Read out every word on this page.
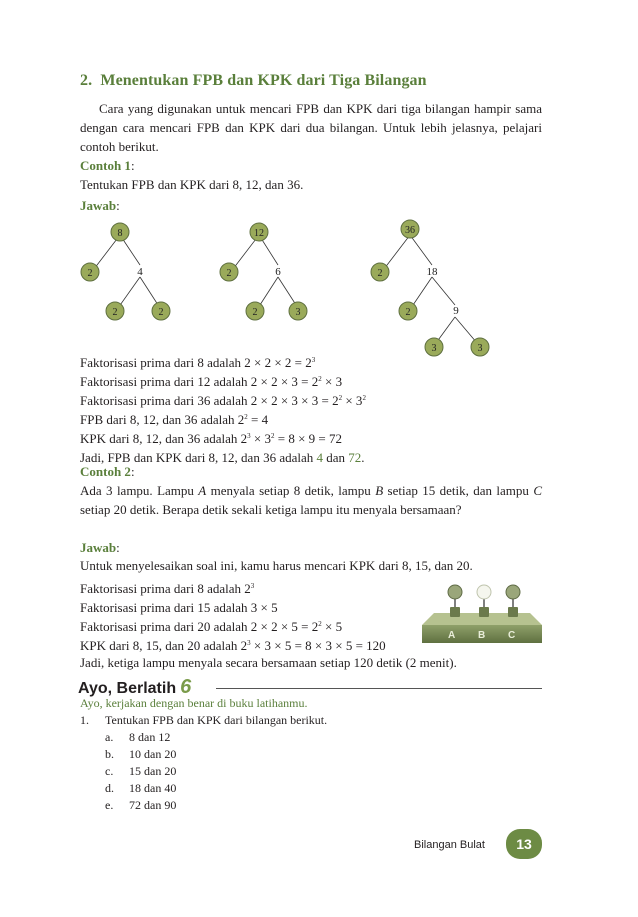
2. Menentukan FPB dan KPK dari Tiga Bilangan
Cara yang digunakan untuk mencari FPB dan KPK dari tiga bilangan hampir sama dengan cara mencari FPB dan KPK dari dua bilangan. Untuk lebih jelasnya, pelajari contoh berikut.
Contoh 1:
Tentukan FPB dan KPK dari 8, 12, dan 36.
Jawab:
8
2	4
2	2
12
2	6
2	3
36
2	18
2	9
3	3
Faktorisasi prima dari 8 adalah $2 \times 2 \times 2 = 2^3$
Faktorisasi prima dari 12 adalah $2 \times 2 \times 3 = 2^2 \times 3$
Faktorisasi prima dari 36 adalah $2 \times 2 \times 3 \times 3 = 2^2 \times 3^2$
FPB dari 8, 12, dan 36 adalah $2^2 = 4$
KPK dari 8, 12, dan 36 adalah $2^3 \times 3^2 = 8 \times 9 = 72$
Jadi, FPB dan KPK dari 8, 12, dan 36 adalah 4 dan 72.
Contoh 2:
Ada 3 lampu. Lampu A menyala setiap 8 detik, lampu B setiap 15 detik, dan lampu C setiap 20 detik. Berapa detik sekali ketiga lampu itu menyala bersamaan?
Jawab:
Untuk menyelesaikan soal ini, kamu harus mencari KPK dari 8, 15, dan 20.
Faktorisasi prima dari 8 adalah $2^3$
Faktorisasi prima dari 15 adalah 3 × 5
Faktorisasi prima dari 20 adalah $2 \times 2 \times 5 = 2^2 \times 5$
KPK dari 8, 15, dan 20 adalah $2^3 \times 3 \times 5 = 8 \times 3 \times 5 = 120$
A B C
Jadi, ketiga lampu menyala secara bersamaan setiap 120 detik (2 menit).
Ayo, Berlatih 6
Ayo, kerjakan dengan benar di buku latihanmu.
1.	Tentukan FPB dan KPK dari bilangan berikut.
a.	8 dan 12
b.	10 dan 20
c.	15 dan 20
d.	18 dan 40
e.	72 dan 90
Bilangan Bulat	13
